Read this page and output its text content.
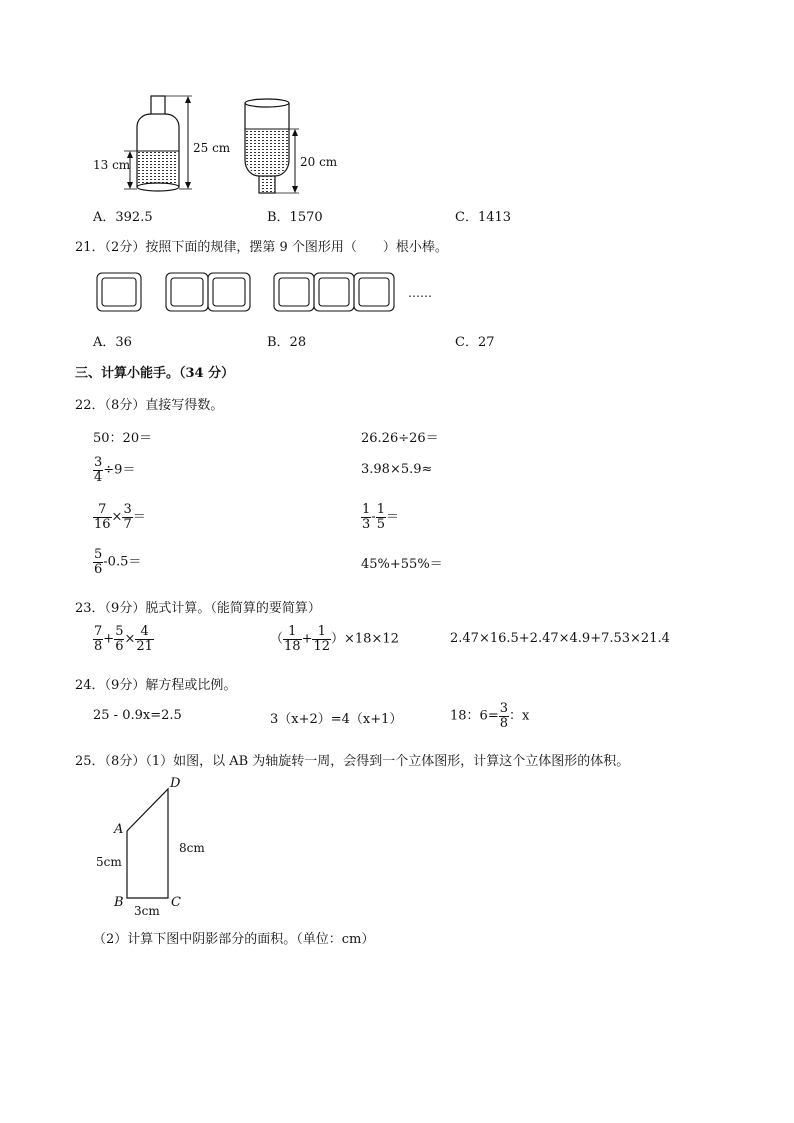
25 cm
13 cm	20 cm
A．392.5	B．1570	C．1413
21．（2分）按照下面的规律，摆第 9 个图形用（　　）根小棒。
……
A．36	B．28	C．27
三、计算小能手。（34 分）
22．（8分）直接写得数。
50：20＝	26.26÷26＝
$\frac{3}{4} \div 9=$	3.98×5.9≈
$\frac{7}{16} \times \frac{3}{7}$ ＝	$\frac{1}{3} - \frac{1}{5}$ ＝
$\frac{5}{6} -0.5=$	45%+55%＝
23．（9分）脱式计算。（能简算的要简算）
$\frac{7}{8} + \frac{5}{6} \times \frac{4}{21}$	（ $\frac{1}{18} + \frac{1}{12} )\times 18\times 12$	2.47×16.5+2.47×4.9+7.53×21.4
24．（9分）解方程或比例。
25 - 0.9x=2.5	3（x+2）=4（x+1）	18：$6= \frac{3}{8}$ ：x
25．（8分）（1）如图，以 AB 为轴旋转一周，会得到一个立体图形，计算这个立体图形的体积。
D
A
B	C
5cm
8cm
3cm
（2）计算下图中阴影部分的面积。（单位：cm）
